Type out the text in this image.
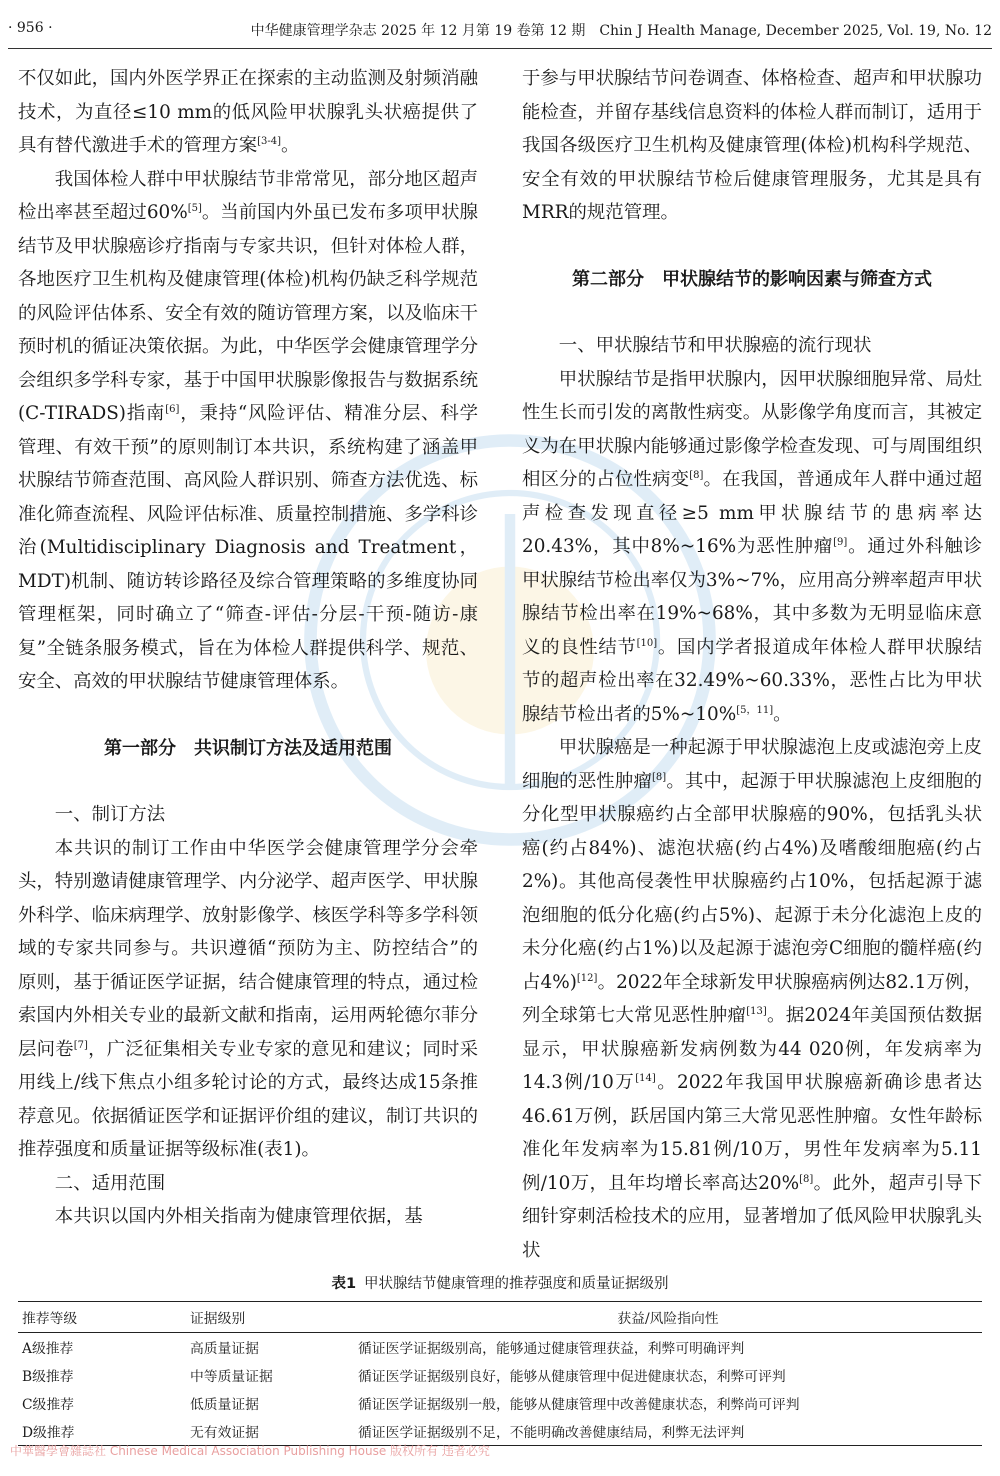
· 956 ·	中华健康管理学杂志 2025 年 12 月第 19 卷第 12 期　Chin J Health Manage, December 2025, Vol. 19, No. 12

不仅如此，国内外医学界正在探索的主动监测及射频消融技术，为直径≤10 mm的低风险甲状腺乳头状癌提供了具有替代激进手术的管理方案[3-4]。

我国体检人群中甲状腺结节非常常见，部分地区超声检出率甚至超过60%[5]。当前国内外虽已发布多项甲状腺结节及甲状腺癌诊疗指南与专家共识，但针对体检人群，各地医疗卫生机构及健康管理(体检)机构仍缺乏科学规范的风险评估体系、安全有效的随访管理方案，以及临床干预时机的循证决策依据。为此，中华医学会健康管理学分会组织多学科专家，基于中国甲状腺影像报告与数据系统(C-TIRADS)指南[6]，秉持“风险评估、精准分层、科学管理、有效干预”的原则制订本共识，系统构建了涵盖甲状腺结节筛查范围、高风险人群识别、筛查方法优选、标准化筛查流程、风险评估标准、质量控制措施、多学科诊治(Multidisciplinary Diagnosis and Treatment，MDT)机制、随访转诊路径及综合管理策略的多维度协同管理框架，同时确立了“筛查-评估-分层-干预-随访-康复”全链条服务模式，旨在为体检人群提供科学、规范、安全、高效的甲状腺结节健康管理体系。

第一部分　共识制订方法及适用范围

一、制订方法

本共识的制订工作由中华医学会健康管理学分会牵头，特别邀请健康管理学、内分泌学、超声医学、甲状腺外科学、临床病理学、放射影像学、核医学科等多学科领域的专家共同参与。共识遵循“预防为主、防控结合”的原则，基于循证医学证据，结合健康管理的特点，通过检索国内外相关专业的最新文献和指南，运用两轮德尔菲分层问卷[7]，广泛征集相关专业专家的意见和建议；同时采用线上/线下焦点小组多轮讨论的方式，最终达成15条推荐意见。依据循证医学和证据评价组的建议，制订共识的推荐强度和质量证据等级标准(表1)。

二、适用范围

本共识以国内外相关指南为健康管理依据，基

于参与甲状腺结节问卷调查、体格检查、超声和甲状腺功能检查，并留存基线信息资料的体检人群而制订，适用于我国各级医疗卫生机构及健康管理(体检)机构科学规范、安全有效的甲状腺结节检后健康管理服务，尤其是具有MRR的规范管理。

第二部分　甲状腺结节的影响因素与筛查方式

一、甲状腺结节和甲状腺癌的流行现状

甲状腺结节是指甲状腺内，因甲状腺细胞异常、局灶性生长而引发的离散性病变。从影像学角度而言，其被定义为在甲状腺内能够通过影像学检查发现、可与周围组织相区分的占位性病变[8]。在我国，普通成年人群中通过超声检查发现直径≥5 mm甲状腺结节的患病率达20.43%，其中8%~16%为恶性肿瘤[9]。通过外科触诊甲状腺结节检出率仅为3%~7%，应用高分辨率超声甲状腺结节检出率在19%~68%，其中多数为无明显临床意义的良性结节[10]。国内学者报道成年体检人群甲状腺结节的超声检出率在32.49%~60.33%，恶性占比为甲状腺结节检出者的5%~10%[5，11]。

甲状腺癌是一种起源于甲状腺滤泡上皮或滤泡旁上皮细胞的恶性肿瘤[8]。其中，起源于甲状腺滤泡上皮细胞的分化型甲状腺癌约占全部甲状腺癌的90%，包括乳头状癌(约占84%)、滤泡状癌(约占4%)及嗜酸细胞癌(约占2%)。其他高侵袭性甲状腺癌约占10%，包括起源于滤泡细胞的低分化癌(约占5%)、起源于未分化滤泡上皮的未分化癌(约占1%)以及起源于滤泡旁C细胞的髓样癌(约占4%)[12]。2022年全球新发甲状腺癌病例达82.1万例，列全球第七大常见恶性肿瘤[13]。据2024年美国预估数据显示，甲状腺癌新发病例数为44 020例，年发病率为14.3例/10万[14]。2022年我国甲状腺癌新确诊患者达46.61万例，跃居国内第三大常见恶性肿瘤。女性年龄标准化年发病率为15.81例/10万，男性年发病率为5.11例/10万，且年均增长率高达20%[8]。此外，超声引导下细针穿刺活检技术的应用，显著增加了低风险甲状腺乳头状

表1 甲状腺结节健康管理的推荐强度和质量证据级别

推荐等级	证据级别	获益/风险指向性
A级推荐	高质量证据	循证医学证据级别高，能够通过健康管理获益，利弊可明确评判
B级推荐	中等质量证据	循证医学证据级别良好，能够从健康管理中促进健康状态，利弊可评判
C级推荐	低质量证据	循证医学证据级别一般，能够从健康管理中改善健康状态，利弊尚可评判
D级推荐	无有效证据	循证医学证据级别不足，不能明确改善健康结局，利弊无法评判
中華醫學會雜誌社 Chinese Medical Association Publishing House 版权所有 违者必究
